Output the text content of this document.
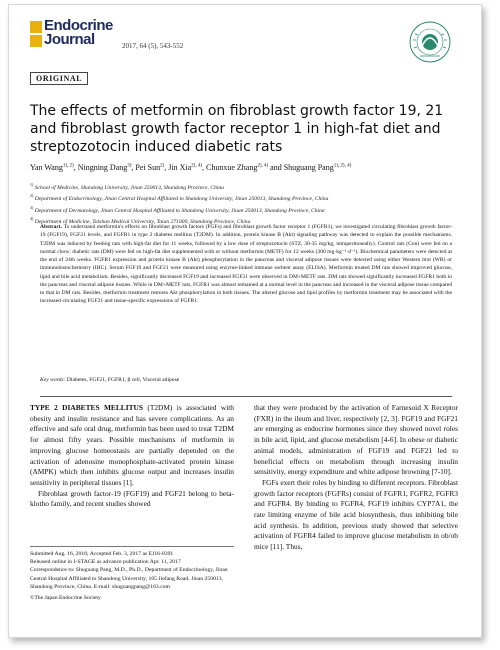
Endocrine
Journal	2017, 64 (5), 543-552
ORIGINAL
The effects of metformin on fibroblast growth factor 19, 21 and fibroblast growth factor receptor 1 in high-fat diet and streptozotocin induced diabetic rats
Yan Wang$^{1), 2)}$, Ningning Dang$^{3)}$, Pei Sun$^{2)}$, Jin Xia$^{2), 4)}$, Chunxue Zhang$^{2), 4)}$ and Shuguang Pang$^{1), 2), 4)}$
$^{1)}$ School of Medicine, Shandong University, Jinan 250013, Shandong Province, China
$^{2)}$ Department of Endocrinology, Jinan Central Hospital Affiliated to Shandong University, Jinan 250013, Shandong Province, China
$^{3)}$ Department of Dermatology, Jinan Central Hospital Affiliated to Shandong University, Jinan 250013, Shandong Province, China
$^{4)}$ Department of Medicine, Taishan Medical University, Taian 271000, Shandong Province, China
Abstract. To understand metformin's effects on fibroblast growth factors (FGFs) and fibroblast growth factor receptor 1 (FGFR1), we investigated circulating fibroblast growth factor-19 (FGF19), FGF21 levels, and FGFR1 in type 2 diabetes mellitus (T2DM). In addition, protein kinase B (Akt) signaling pathway was detected to explain the possible mechanisms. T2DM was induced by feeding rats with high-fat diet for 11 weeks, followed by a low dose of streptozotocin (STZ, 30-35 mg/kg, intraperitoneally). Control rats (Con) were fed on a normal chow; diabetic rats (DM) were fed on high-fat diet supplemented with or without metformin (METF) for 12 weeks (300 mg·kg⁻¹·d⁻¹). Biochemical parameters were detected at the end of 24th weeks. FGFR1 expression and protein kinase B (Akt) phosphorylation in the pancreas and visceral adipose tissues were detected using either Western blot (WB) or immunohistochemistry (IHC). Serum FGF19 and FGF21 were measured using enzyme-linked immune sorbent assay (ELISA). Metformin treated DM rats showed improved glucose, lipid and bile acid metabolism. Besides, significantly decreased FGF19 and increased FGF21 were observed in DM+METF rats. DM rats showed significantly increased FGFR1 both in the pancreas and visceral adipose tissues. While in DM+METF rats, FGFR1 was almost remained at a normal level in the pancreas and increased in the visceral adipose tissue compared to that in DM rats. Besides, metformin treatment restores Akt phosphorylation in both tissues. The altered glucose and lipid profiles by metformin treatment may be associated with the increased circulating FGF21 and tissue-specific expressions of FGFR1.
Key words: Diabetes, FGF21, FGFR1, β cell, Visceral adipose

TYPE 2 DIABETES MELLITUS (T2DM) is associated with obesity and insulin resistance and has severe complications. As an effective and safe oral drug, metformin has been used to treat T2DM for almost fifty years. Possible mechanisms of metformin in improving glucose homeostasis are partially depended on the activation of adenosine monophosphate-activated protein kinase (AMPK) which then inhibits glucose output and increases insulin sensitivity in peripheral tissues [1].

Fibroblast growth factor-19 (FGF19) and FGF21 belong to beta-klotho family, and recent studies showed

that they were produced by the activation of Farnesoid X Receptor (FXR) in the ileum and liver, respectively [2, 3]. FGF19 and FGF21 are emerging as endocrine hormones since they showed novel roles in bile acid, lipid, and glucose metabolism [4-6]. In obese or diabetic animal models, administration of FGF19 and FGF21 led to beneficial effects on metabolism through increasing insulin sensitivity, energy expenditure and white adipose browning [7-10].

FGFs exert their roles by binding to different receptors. Fibroblast growth factor receptors (FGFRs) consist of FGFR1, FGFR2, FGFR3 and FGFR4. By binding to FGFR4, FGF19 inhibits CYP7A1, the rate limiting enzyme of bile acid biosynthesis, thus inhibiting bile acid synthesis. In addition, previous study showed that selective activation of FGFR4 failed to improve glucose metabolism in ob/ob mice [11]. Thus,

Submitted Aug. 16, 2016; Accepted Feb. 3, 2017 as EJ16-0391
Released online in J-STAGE as advance publication Apr. 11, 2017
Correspondence to: Shuguang Pang, M.D., Ph.D., Department of Endocrinology, Jinan Central Hospital Affiliated to Shandong University, 105 Jiefang Road, Jinan 250013, Shandong Province, China. E-mail: shuguangpang@163.com
©The Japan Endocrine Society
